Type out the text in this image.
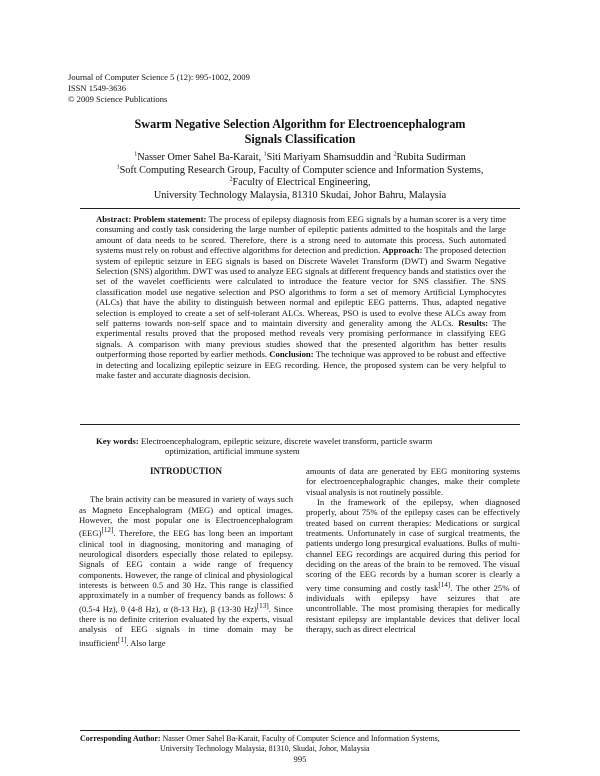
Journal of Computer Science 5 (12): 995-1002, 2009
ISSN 1549-3636
© 2009 Science Publications
Swarm Negative Selection Algorithm for Electroencephalogram
Signals Classification
$^1$Nasser Omer Sahel Ba-Karait, $^1$Siti Mariyam Shamsuddin and $^2$Rubita Sudirman
$^1$Soft Computing Research Group, Faculty of Computer science and Information Systems,
$^2$Faculty of Electrical Engineering,
University Technology Malaysia, 81310 Skudai, Johor Bahru, Malaysia
Abstract: Problem statement: The process of epilepsy diagnosis from EEG signals by a human scorer is a very time consuming and costly task considering the large number of epileptic patients admitted to the hospitals and the large amount of data needs to be scored. Therefore, there is a strong need to automate this process. Such automated systems must rely on robust and effective algorithms for detection and prediction. Approach: The proposed detection system of epileptic seizure in EEG signals is based on Discrete Wavelet Transform (DWT) and Swarm Negative Selection (SNS) algorithm. DWT was used to analyze EEG signals at different frequency bands and statistics over the set of the wavelet coefficients were calculated to introduce the feature vector for SNS classifier. The SNS classification model use negative selection and PSO algorithms to form a set of memory Artificial Lymphocytes (ALCs) that have the ability to distinguish between normal and epileptic EEG patterns. Thus, adapted negative selection is employed to create a set of self-tolerant ALCs. Whereas, PSO is used to evolve these ALCs away from self patterns towards non-self space and to maintain diversity and generality among the ALCs. Results: The experimental results proved that the proposed method reveals very promising performance in classifying EEG signals. A comparison with many previous studies showed that the presented algorithm has better results outperforming those reported by earlier methods. Conclusion: The technique was approved to be robust and effective in detecting and localizing epileptic seizure in EEG recording. Hence, the proposed system can be very helpful to make faster and accurate diagnosis decision.
Key words: Electroencephalogram, epileptic seizure, discrete wavelet transform, particle swarm
optimization, artificial immune system
INTRODUCTION

The brain activity can be measured in variety of ways such as Magneto Encephalogram (MEG) and optical images. However, the most popular one is Electroencephalogram (EEG)[12]. Therefore, the EEG has long been an important clinical tool in diagnosing, monitoring and managing of neurological disorders especially those related to epilepsy. Signals of EEG contain a wide range of frequency components. However, the range of clinical and physiological interests is between 0.5 and 30 Hz. This range is classified approximately in a number of frequency bands as follows: δ (0.5-4 Hz), θ (4-8 Hz), α (8-13 Hz), β (13-30 Hz)[13]. Since there is no definite criterion evaluated by the experts, visual analysis of EEG signals in time domain may be insufficient[1]. Also large

amounts of data are generated by EEG monitoring systems for electroencephalographic changes, make their complete visual analysis is not routinely possible.

In the framework of the epilepsy, when diagnosed properly, about 75% of the epilepsy cases can be effectively treated based on current therapies: Medications or surgical treatments. Unfortunately in case of surgical treatments, the patients undergo long presurgical evaluations. Bulks of multi-channel EEG recordings are acquired during this period for deciding on the areas of the brain to be removed. The visual scoring of the EEG records by a human scorer is clearly a very time consuming and costly task[14]. The other 25% of individuals with epilepsy have seizures that are uncontrollable. The most promising therapies for medically resistant epilepsy are implantable devices that deliver local therapy, such as direct electrical

Corresponding Author: Nasser Omer Sahel Ba-Karait, Faculty of Computer Science and Information Systems,
University Technology Malaysia, 81310, Skudai, Johor, Malaysia
995
